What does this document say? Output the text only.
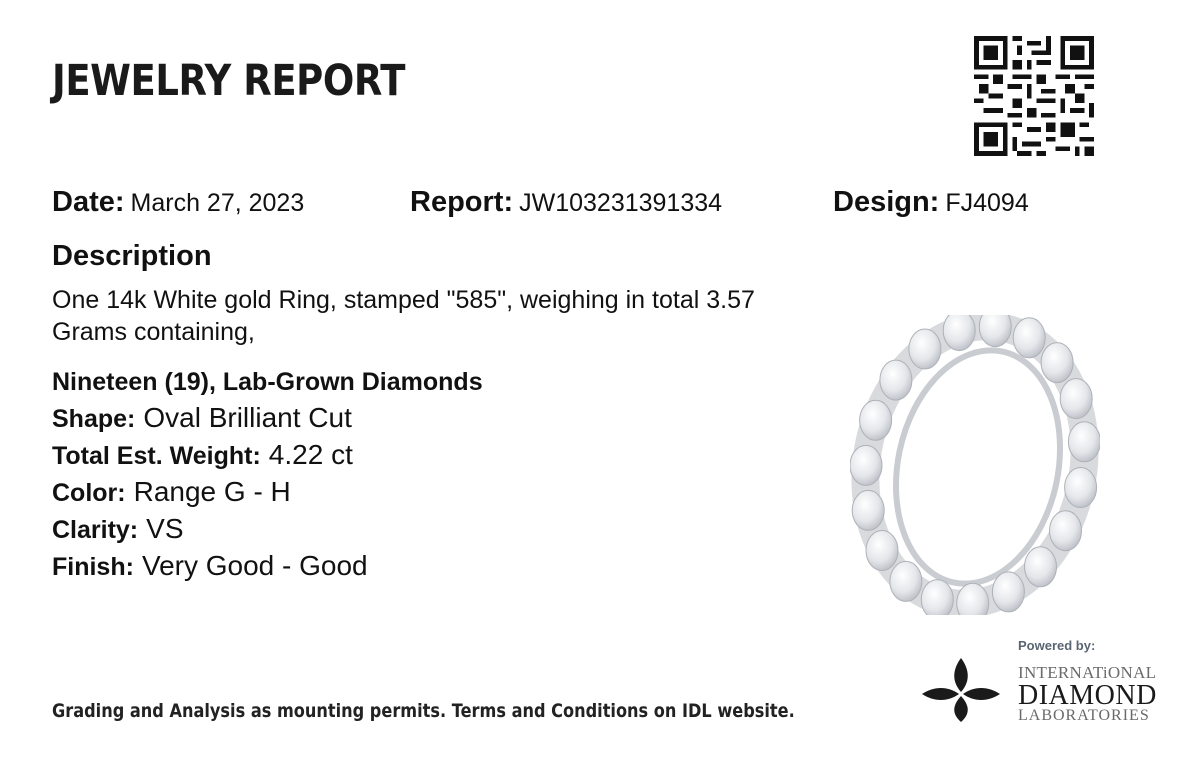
JEWELRY REPORT
Date: March 27, 2023	Report: JW103231391334	Design: FJ4094
Description
One 14k White gold Ring, stamped "585", weighing in total 3.57 Grams containing,
Nineteen (19), Lab-Grown Diamonds
Shape: Oval Brilliant Cut
Total Est. Weight: 4.22 ct
Color: Range G - H
Clarity: VS
Finish: Very Good - Good
Grading and Analysis as mounting permits. Terms and Conditions on IDL website.
Powered by:
INTERNATiONAL
DIAMOND
LABORATORIES
